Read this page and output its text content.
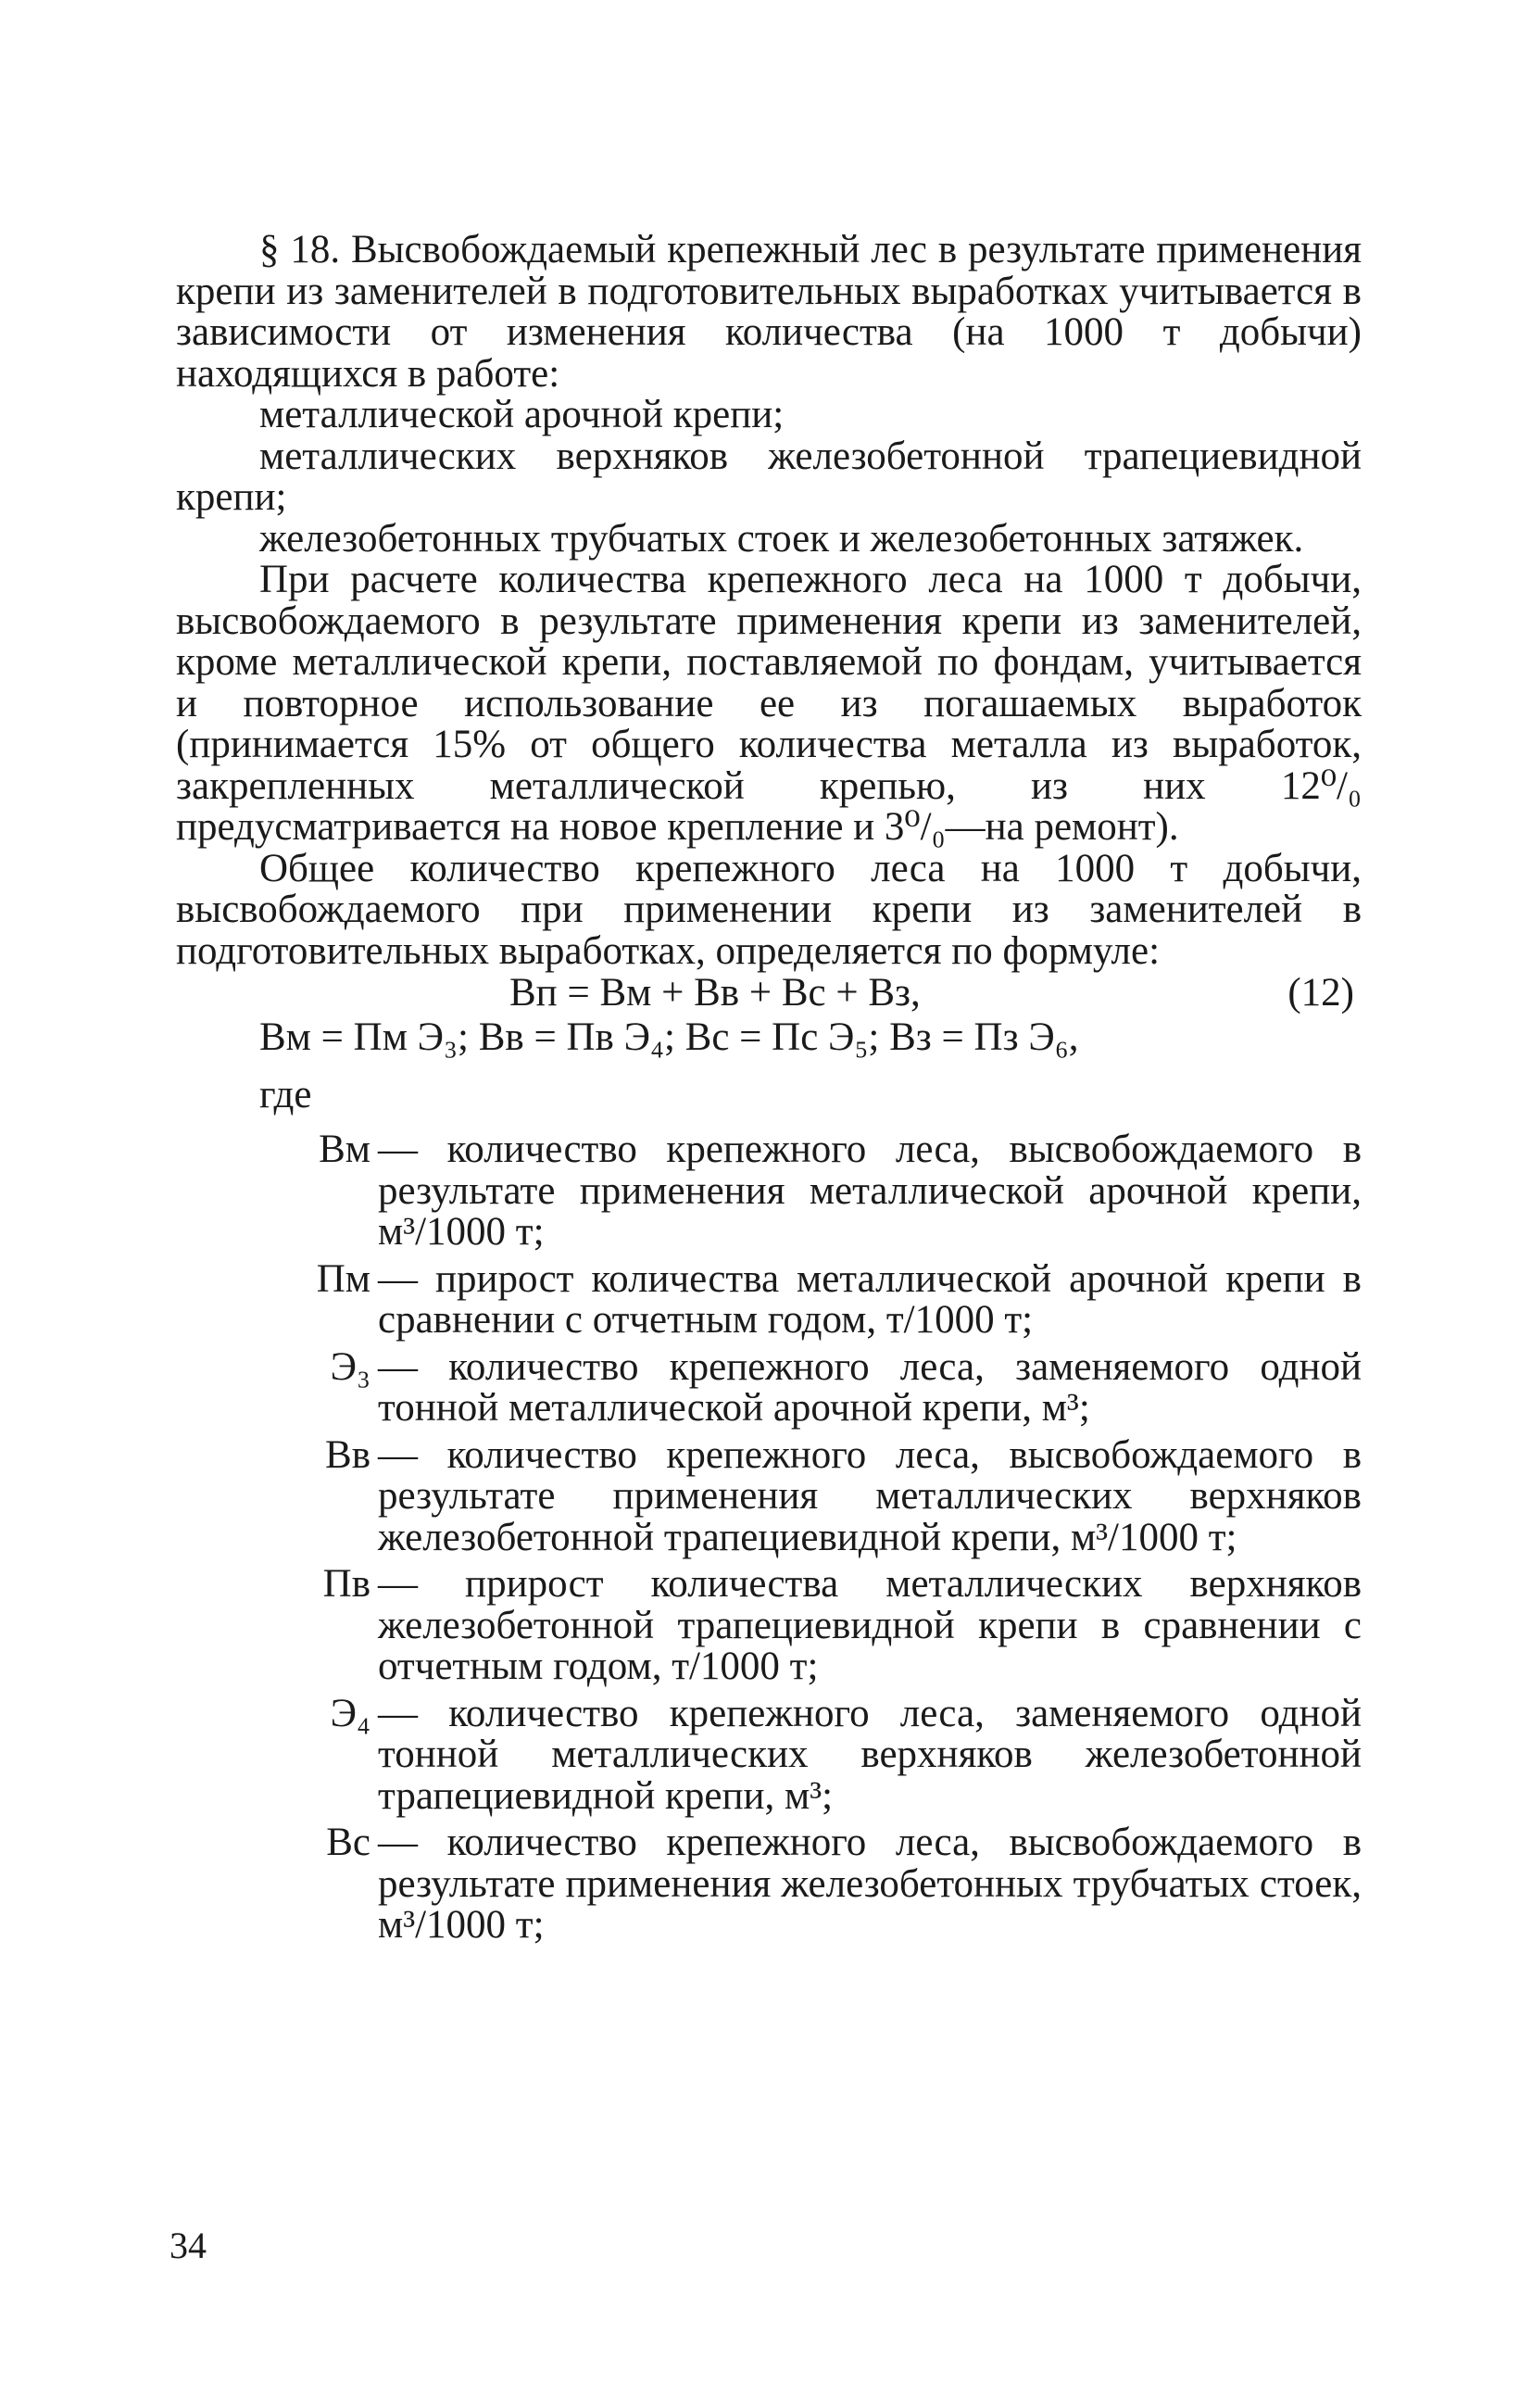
§ 18. Высвобождаемый крепежный лес в результате применения крепи из заменителей в подготовительных выработках учитывается в зависимости от изменения количества (на 1000 т добычи) находящихся в работе:

металлической арочной крепи;

металлических верхняков железобетонной трапециевидной крепи;

железобетонных трубчатых стоек и железобетонных затяжек.

При расчете количества крепежного леса на 1000 т добычи, высвобождаемого в результате применения крепи из заменителей, кроме металлической крепи, поставляемой по фондам, учитывается и повторное использование ее из погашаемых выработок (принимается 15% от общего количества металла из выработок, закрепленных металлической крепью, из них 12⁰/₀ предусматривается на новое крепление и 3⁰/₀—на ремонт).

Общее количество крепежного леса на 1000 т добычи, высвобождаемого при применении крепи из заменителей в подготовительных выработках, определяется по формуле:

Вп = Вм + Вв + Вс + Вз,	(12)
Вм = Пм Э₃; Вв = Пв Э₄; Вс = Пс Э₅; Вз = Пз Э₆,
где
Вм	— количество крепежного леса, высвобождаемого в результате применения металлической арочной крепи, м³/1000 т;
Пм	— прирост количества металлической арочной крепи в сравнении с отчетным годом, т/1000 т;
Э₃	— количество крепежного леса, заменяемого одной тонной металлической арочной крепи, м³;
Вв	— количество крепежного леса, высвобождаемого в результате применения металлических верхняков железобетонной трапециевидной крепи, м³/1000 т;
Пв	— прирост количества металлических верхняков железобетонной трапециевидной крепи в сравнении с отчетным годом, т/1000 т;
Э₄	— количество крепежного леса, заменяемого одной тонной металлических верхняков железобетонной трапециевидной крепи, м³;
Вс	— количество крепежного леса, высвобождаемого в результате применения железобетонных трубчатых стоек, м³/1000 т;
34
